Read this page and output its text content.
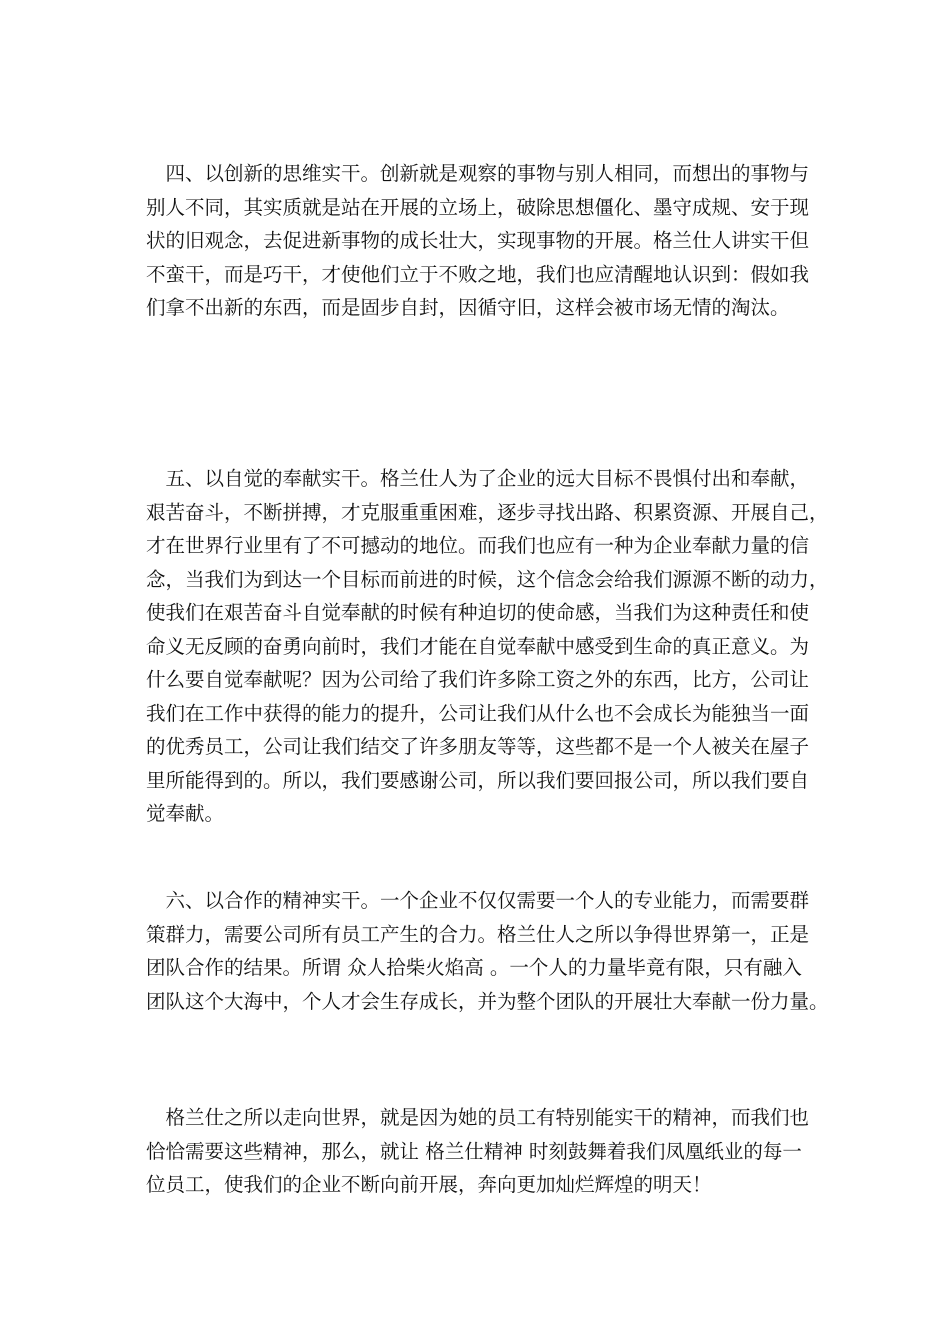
　四、以创新的思维实干。创新就是观察的事物与别人相同，而想出的事物与
别人不同，其实质就是站在开展的立场上，破除思想僵化、墨守成规、安于现
状的旧观念，去促进新事物的成长壮大，实现事物的开展。格兰仕人讲实干但
不蛮干，而是巧干，才使他们立于不败之地，我们也应清醒地认识到：假如我
们拿不出新的东西，而是固步自封，因循守旧，这样会被市场无情的淘汰。
　五、以自觉的奉献实干。格兰仕人为了企业的远大目标不畏惧付出和奉献，
艰苦奋斗，不断拼搏，才克服重重困难，逐步寻找出路、积累资源、开展自己，
才在世界行业里有了不可撼动的地位。而我们也应有一种为企业奉献力量的信
念，当我们为到达一个目标而前进的时候，这个信念会给我们源源不断的动力，
使我们在艰苦奋斗自觉奉献的时候有种迫切的使命感，当我们为这种责任和使
命义无反顾的奋勇向前时，我们才能在自觉奉献中感受到生命的真正意义。为
什么要自觉奉献呢？因为公司给了我们许多除工资之外的东西，比方，公司让
我们在工作中获得的能力的提升，公司让我们从什么也不会成长为能独当一面
的优秀员工，公司让我们结交了许多朋友等等，这些都不是一个人被关在屋子
里所能得到的。所以，我们要感谢公司，所以我们要回报公司，所以我们要自
觉奉献。
　六、以合作的精神实干。一个企业不仅仅需要一个人的专业能力，而需要群
策群力，需要公司所有员工产生的合力。格兰仕人之所以争得世界第一，正是
团队合作的结果。所谓 众人拾柴火焰高 。一个人的力量毕竟有限，只有融入
团队这个大海中，个人才会生存成长，并为整个团队的开展壮大奉献一份力量。
　格兰仕之所以走向世界，就是因为她的员工有特别能实干的精神，而我们也
恰恰需要这些精神，那么，就让 格兰仕精神 时刻鼓舞着我们凤凰纸业的每一
位员工，使我们的企业不断向前开展，奔向更加灿烂辉煌的明天！
